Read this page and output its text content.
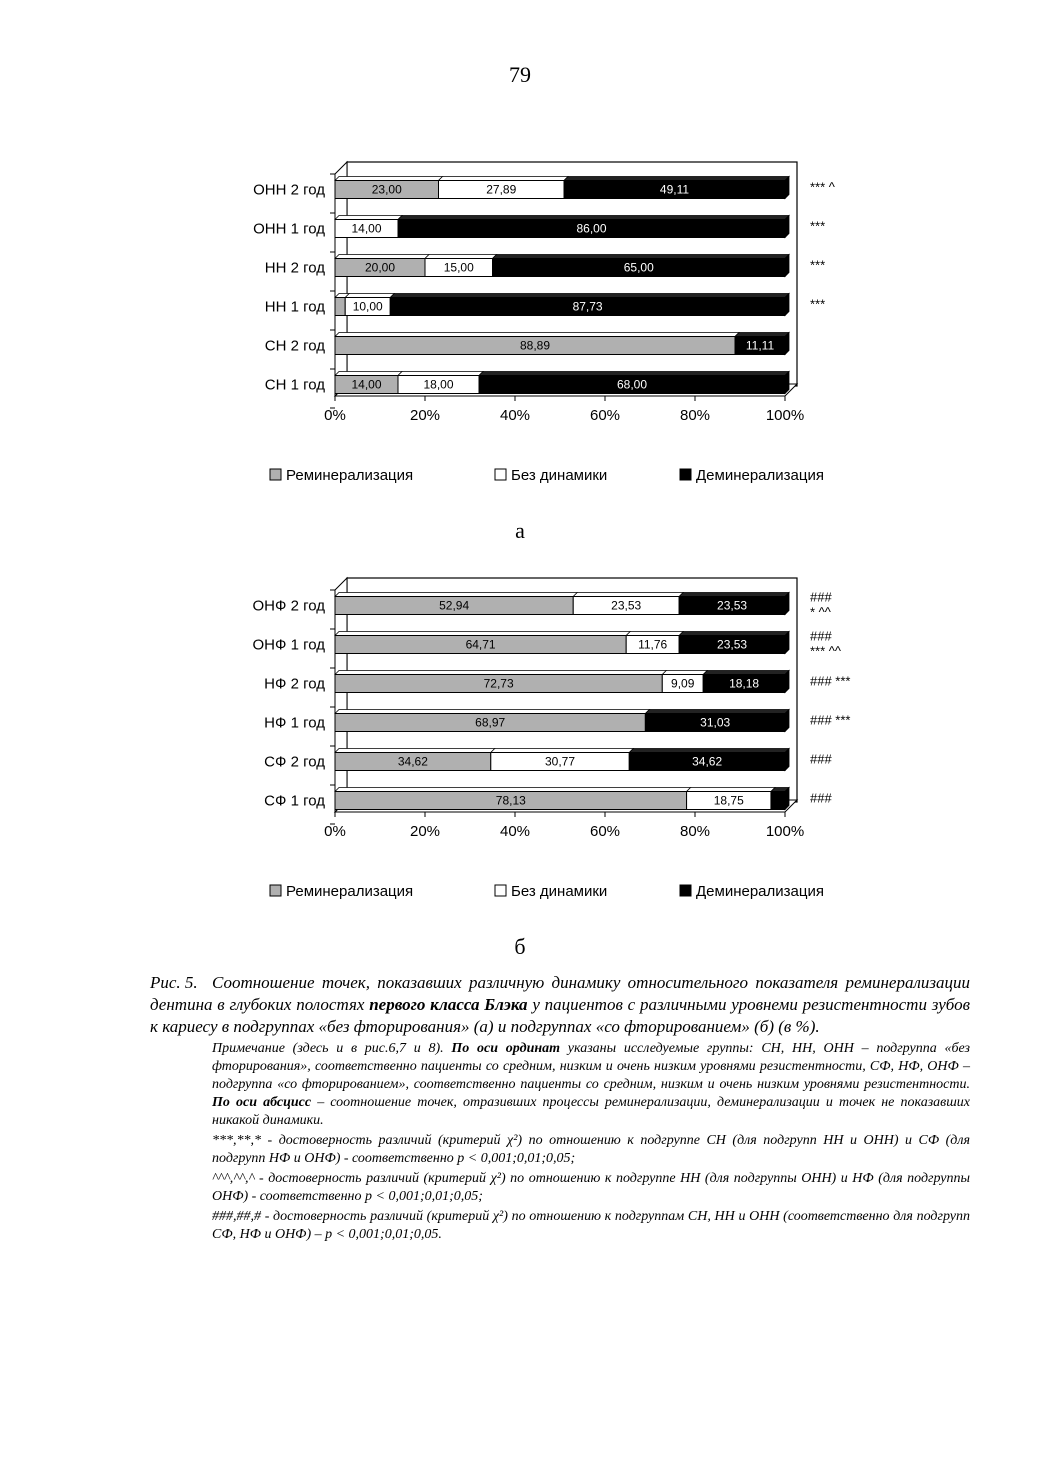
79
0%	20%	40%	60%	80%	100%
ОНН 2 год	23,00	27,89	49,11	*** ^
ОНН 1 год 14,00	86,00	***
НН 2 год	20,00	15,00	65,00	***
НН 1 год 10,00	87,73	***
СН 2 год	88,89	11,11
СН 1 год 14,00	18,00	68,00
Реминерализация	Без динамики	Деминерализация
а
0%	20%	40%	60%	80%	100%
ОНФ 2 год	52,94	23,53	23,53
###
* ^^
ОНФ 1 год	64,71	11,76	23,53
###
*** ^^
НФ 2 год	72,73	9,09	18,18	### ***
НФ 1 год	68,97	31,03	### ***
СФ 2 год	34,62	30,77	34,62	###
СФ 1 год	78,13	18,75	###
Реминерализация	Без динамики	Деминерализация
б
Рис. 5. Соотношение точек, показавших различную динамику относительного показателя реминерализации дентина в глубоких полостях первого класса Блэка у пациентов с различными уровнеми резистентности зубов к кариесу в подгруппах «без фторирования» (а) и подгруппах «со фторированием» (б) (в %).
Примечание (здесь и в рис.6,7 и 8). По оси ординат указаны исследуемые группы: СН, НН, ОНН – подгруппа «без фторирования», соответственно пациенты со средним, низким и очень низким уровнями резистентности, СФ, НФ, ОНФ – подгруппа «со фторированием», соответственно пациенты со средним, низким и очень низким уровнями резистентности. По оси абсцисс – соотношение точек, отразивших процессы реминерализации, деминерализации и точек не показавших никакой динамики.
***,**,* - достоверность различий (критерий χ²) по отношению к подгруппе СН (для подгрупп НН и ОНН) и СФ (для подгрупп НФ и ОНФ) - соответственно р < 0,001;0,01;0,05;
^^^,^^,^ - достоверность различий (критерий χ²) по отношению к подгруппе НН (для подгруппы ОНН) и НФ (для подгруппы ОНФ) - соответственно р < 0,001;0,01;0,05;
###,##,# - достоверность различий (критерий χ²) по отношению к подгруппам СН, НН и ОНН (соответственно для подгрупп СФ, НФ и ОНФ) – р < 0,001;0,01;0,05.
